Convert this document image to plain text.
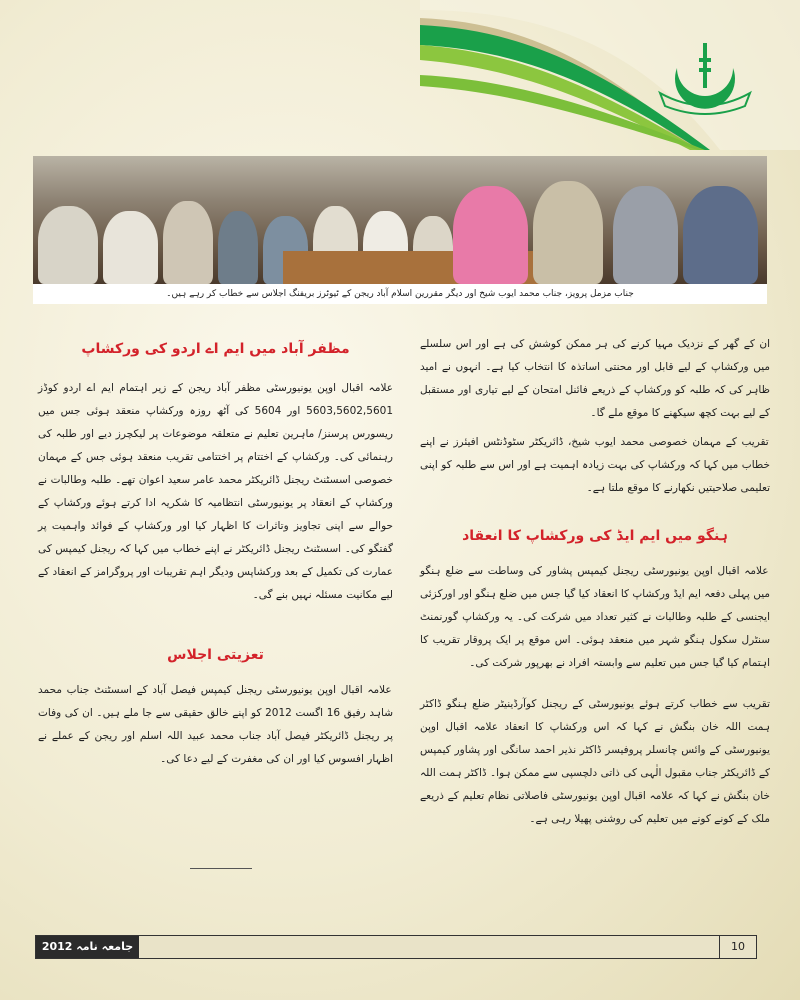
جناب مزمل پرویز، جناب محمد ایوب شیخ اور دیگر مقررین اسلام آباد ریجن کے ٹیوٹرز بریفنگ اجلاس سے خطاب کر رہے ہیں۔
ان کے گھر کے نزدیک مہیا کرنے کی ہر ممکن کوشش کی ہے اور اس سلسلے میں ورکشاپ کےلیے قابل اور محنتی اساتذہ کا انتخاب کیا ہے۔ انہوں نے امید ظاہر کی کہ طلبہ کو ورکشاپکے ذریعے فائنل امتحان کے لیے تیاری اور مستقبل کے لیے بہت کچھ سیکھنے کا موقع ملےگا۔
تقریب کے مہمان خصوصی محمد ایوب شیخ، ڈائریکٹر سٹوڈنٹس افیئرز نے اپنےخطاب میں کہا کہ ورکشاپ کی بہت زیادہ اہمیت ہے اور اس سے طلبہ کو اپنی تعلیمیصلاحیتیں نکھارنے کا موقع ملتا ہے۔
ہنگو میں ایم ایڈ کی ورکشاپ کا انعقاد
علامہ اقبال اوپن یونیورسٹی ریجنل کیمپس پشاور کی وساطت سے ضلع ہنگومیں پہلی دفعہ ایم ایڈ ورکشاپ کا انعقاد کیا گیا جس میں ضلع ہنگو اور اورکزئی ایجنسی کے طلبہوطالبات نے کثیر تعداد میں شرکت کی۔ یہ ورکشاپ گورنمنٹ سنٹرل سکول ہنگو شہر میںمنعقد ہوئی۔ اس موقع پر ایک پروقار تقریب کا اہتمام کیا گیا جس میں تعلیم سے وابستہافراد نے بھرپور شرکت کی۔
تقریب سے خطاب کرتے ہوئے یونیورسٹی کے ریجنل کوآرڈینیٹر ضلع ہنگوڈاکٹر ہمت اللہ خان بنگش نے کہا کہ اس ورکشاپ کا انعقاد علامہ اقبال اوپن یونیورسٹیکے وائس چانسلر پروفیسر ڈاکٹر نذیر احمد سانگی اور پشاور کیمپس کے ڈائریکٹر جناب مقبولالٰہی کی ذاتی دلچسپی سے ممکن ہوا۔ ڈاکٹر ہمت اللہ خان بنگش نے کہا کہ علامہ اقبالاوپن یونیورسٹی فاصلاتی نظام تعلیم کے ذریعے ملک کے کونے کونے میں تعلیم کی روشنیپھیلا رہی ہے۔
مظفر آباد میں ایم اے اردو کی ورکشاپ
علامہ اقبال اوپن یونیورسٹی مظفر آباد ریجن کے زیر اہتمام ایم اے اردوکوڈز 5603,5602,5601 اور 5604 کی آٹھ روزہ ورکشاپ منعقد ہوئی جسمیں ریسورس پرسنز/ ماہرین تعلیم نے متعلقہ موضوعات پر لیکچرز دیے اور طلبہ کی رہنمائیکی۔ ورکشاپ کے اختتام پر اختتامی تقریب منعقد ہوئی جس کے مہمان خصوصیاسسٹنٹ ریجنل ڈائریکٹر محمد عامر سعید اعوان تھے۔ طلبہ وطالبات نے ورکشاپ کےانعقاد پر یونیورسٹی انتظامیہ کا شکریہ ادا کرتے ہوئے ورکشاپ کے حوالے سے اپنی تجاویزوتاثرات کا اظہار کیا اور ورکشاپ کے فوائد واہمیت پر گفتگو کی۔ اسسٹنٹ ریجنل ڈائریکٹرنے اپنے خطاب میں کہا کہ ریجنل کیمپس کی عمارت کی تکمیل کے بعد ورکشاپس ودیگر اہمتقریبات اور پروگرامز کے انعقاد کے لیے مکانیت مسئلہ نہیں بنے گی۔
تعزیتی اجلاس
علامہ اقبال اوپن یونیورسٹی ریجنل کیمپس فیصل آباد کے اسسٹنٹ جناب محمدشاہد رفیق 16 اگست 2012 کو اپنے خالق حقیقی سے جا ملے ہیں۔ ان کی وفات پرریجنل ڈائریکٹر فیصل آباد جناب محمد عبید اللہ اسلم اور ریجن کے عملے نے اظہار افسوس کیااور ان کی مغفرت کے لیے دعا کی۔
جامعہ نامہ 2012	10
